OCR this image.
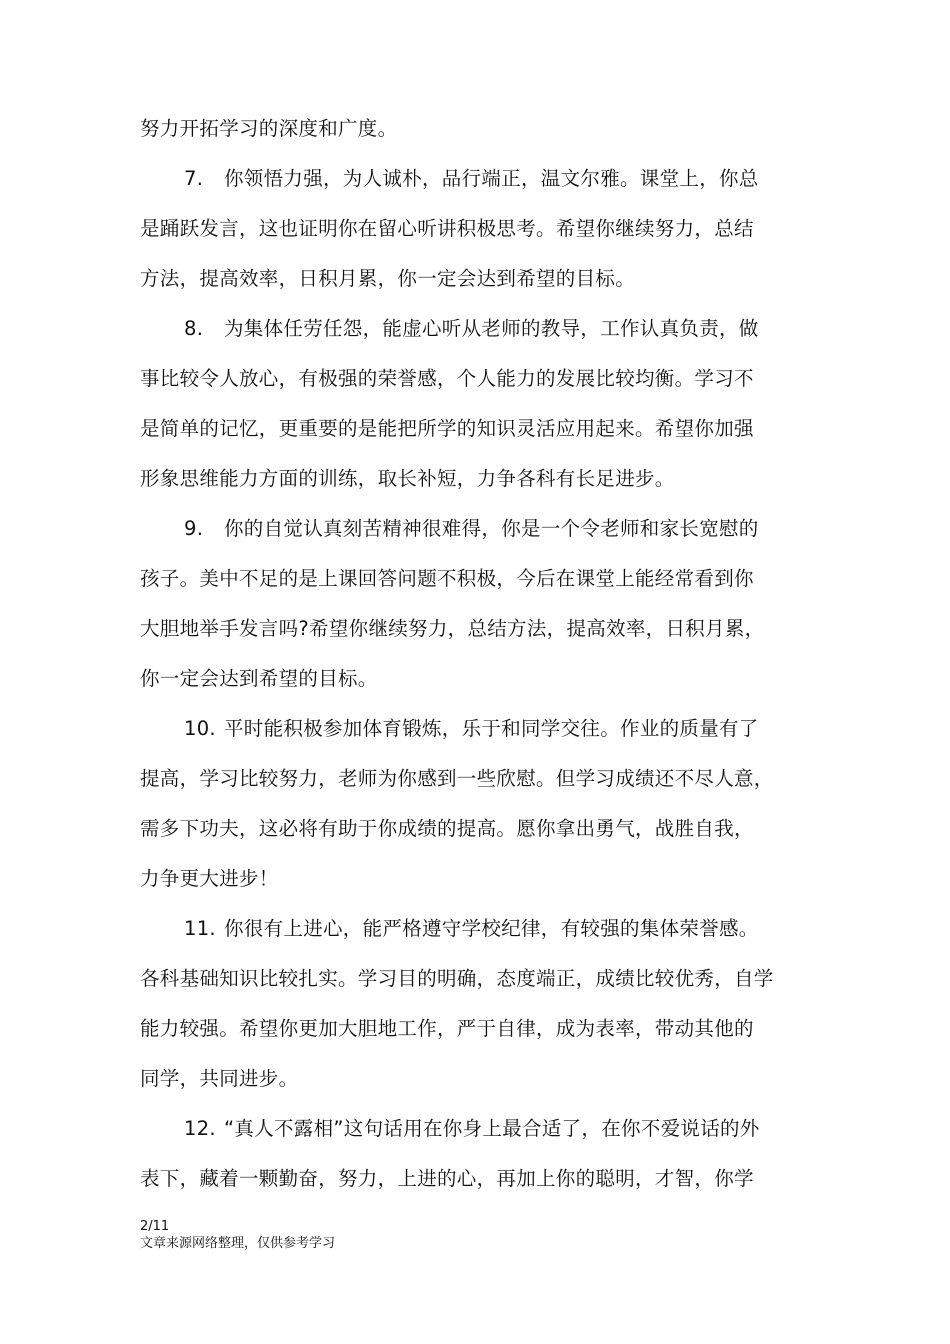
努力开拓学习的深度和广度。
7. 你领悟力强，为人诚朴，品行端正，温文尔雅。课堂上，你总
是踊跃发言，这也证明你在留心听讲积极思考。希望你继续努力，总结
方法，提高效率，日积月累，你一定会达到希望的目标。
8. 为集体任劳任怨，能虚心听从老师的教导，工作认真负责，做
事比较令人放心，有极强的荣誉感，个人能力的发展比较均衡。学习不
是简单的记忆，更重要的是能把所学的知识灵活应用起来。希望你加强
形象思维能力方面的训练，取长补短，力争各科有长足进步。
9. 你的自觉认真刻苦精神很难得，你是一个令老师和家长宽慰的
孩子。美中不足的是上课回答问题不积极，今后在课堂上能经常看到你
大胆地举手发言吗?希望你继续努力，总结方法，提高效率，日积月累，
你一定会达到希望的目标。
10. 平时能积极参加体育锻炼，乐于和同学交往。作业的质量有了
提高，学习比较努力，老师为你感到一些欣慰。但学习成绩还不尽人意，
需多下功夫，这必将有助于你成绩的提高。愿你拿出勇气，战胜自我，
力争更大进步！
11. 你很有上进心，能严格遵守学校纪律，有较强的集体荣誉感。
各科基础知识比较扎实。学习目的明确，态度端正，成绩比较优秀，自学
能力较强。希望你更加大胆地工作，严于自律，成为表率，带动其他的
同学，共同进步。
12. “真人不露相”这句话用在你身上最合适了，在你不爱说话的外
表下，藏着一颗勤奋，努力，上进的心，再加上你的聪明，才智，你学
2/11
文章来源网络整理，仅供参考学习
